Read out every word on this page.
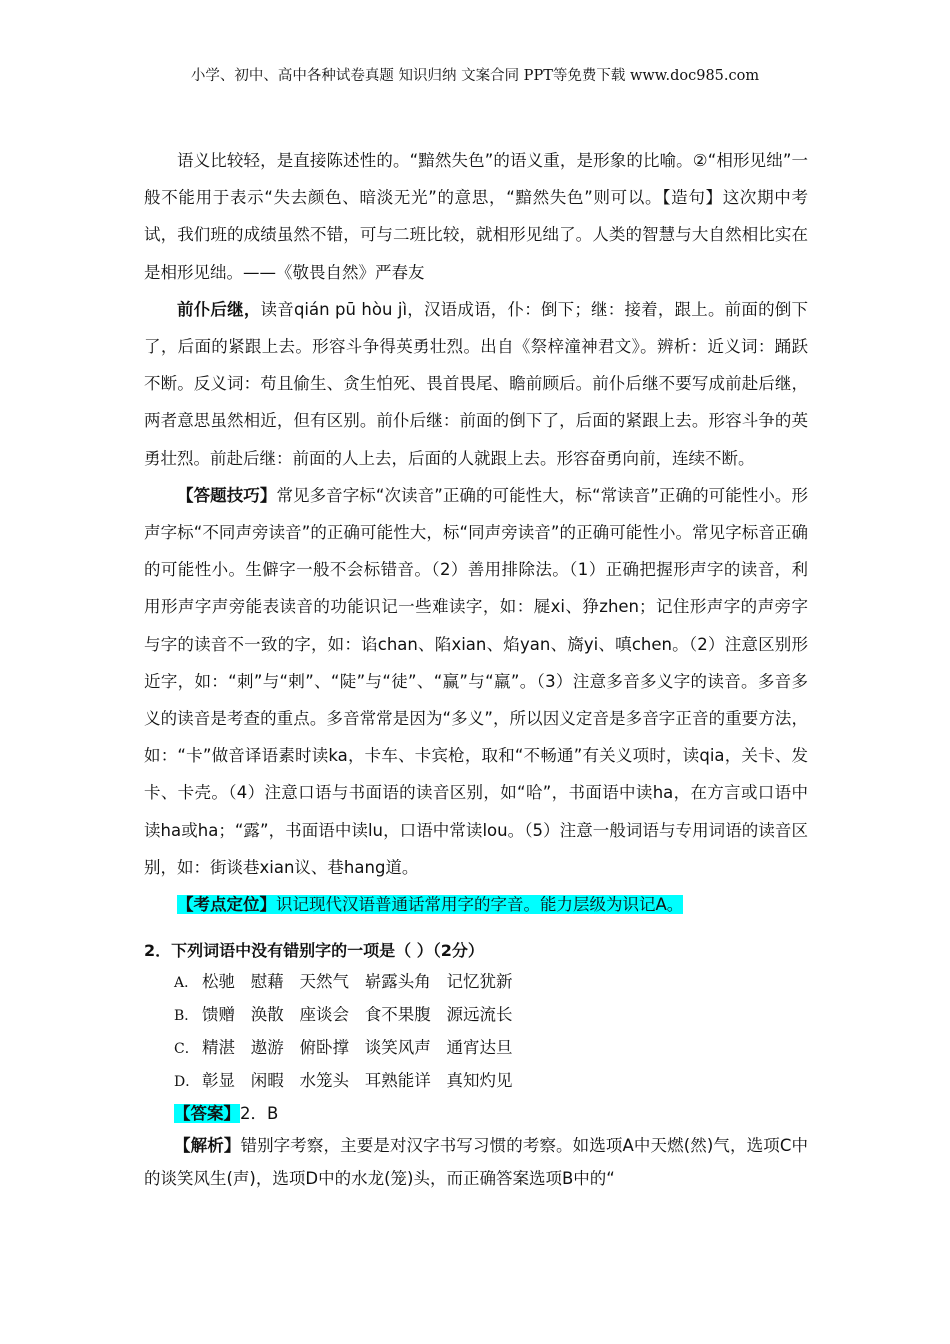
小学、初中、高中各种试卷真题 知识归纳 文案合同 PPT等免费下载 www.doc985.com

语义比较轻，是直接陈述性的。“黯然失色”的语义重，是形象的比喻。②“相形见绌”一般不能用于表示“失去颜色、暗淡无光”的意思，“黯然失色”则可以。【造句】这次期中考试，我们班的成绩虽然不错，可与二班比较，就相形见绌了。人类的智慧与大自然相比实在是相形见绌。——《敬畏自然》严春友

前仆后继，读音qián pū hòu jì，汉语成语，仆：倒下；继：接着，跟上。前面的倒下了，后面的紧跟上去。形容斗争得英勇壮烈。出自《祭梓潼神君文》。辨析：近义词：踊跃不断。反义词：苟且偷生、贪生怕死、畏首畏尾、瞻前顾后。前仆后继不要写成前赴后继，两者意思虽然相近，但有区别。前仆后继：前面的倒下了，后面的紧跟上去。形容斗争的英勇壮烈。前赴后继：前面的人上去，后面的人就跟上去。形容奋勇向前，连续不断。

【答题技巧】常见多音字标“次读音”正确的可能性大，标“常读音”正确的可能性小。形声字标“不同声旁读音”的正确可能性大，标“同声旁读音”的正确可能性小。常见字标音正确的可能性小。生僻字一般不会标错音。（2）善用排除法。（1）正确把握形声字的读音，利用形声字声旁能表读音的功能识记一些难读字，如：屣xi、狰zhen；记住形声字的声旁字与字的读音不一致的字，如：谄chan、陷xian、焰yan、旖yi、嗔chen。（2）注意区别形近字，如：“刺”与“剌”、“陡”与“徒”、“赢”与“羸”。（3）注意多音多义字的读音。多音多义的读音是考查的重点。多音常常是因为“多义”，所以因义定音是多音字正音的重要方法，如：“卡”做音译语素时读ka，卡车、卡宾枪，取和“不畅通”有关义项时，读qia，关卡、发卡、卡壳。（4）注意口语与书面语的读音区别，如“哈”，书面语中读ha，在方言或口语中读ha或ha；“露”，书面语中读lu，口语中常读lou。（5）注意一般词语与专用词语的读音区别，如：街谈巷xian议、巷hang道。

【考点定位】识记现代汉语普通话常用字的字音。能力层级为识记A。

2．下列词语中没有错别字的一项是（ ）（2分）

A． 松驰   慰藉   天然气   崭露头角   记忆犹新

B． 馈赠   涣散   座谈会   食不果腹   源远流长

C． 精湛   遨游   俯卧撑   谈笑风声   通宵达旦

D． 彰显   闲暇   水笼头   耳熟能详   真知灼见

【答案】2．B

【解析】错别字考察，主要是对汉字书写习惯的考察。如选项A中天燃(然)气，选项C中的谈笑风生(声)，选项D中的水龙(笼)头，而正确答案选项B中的“
